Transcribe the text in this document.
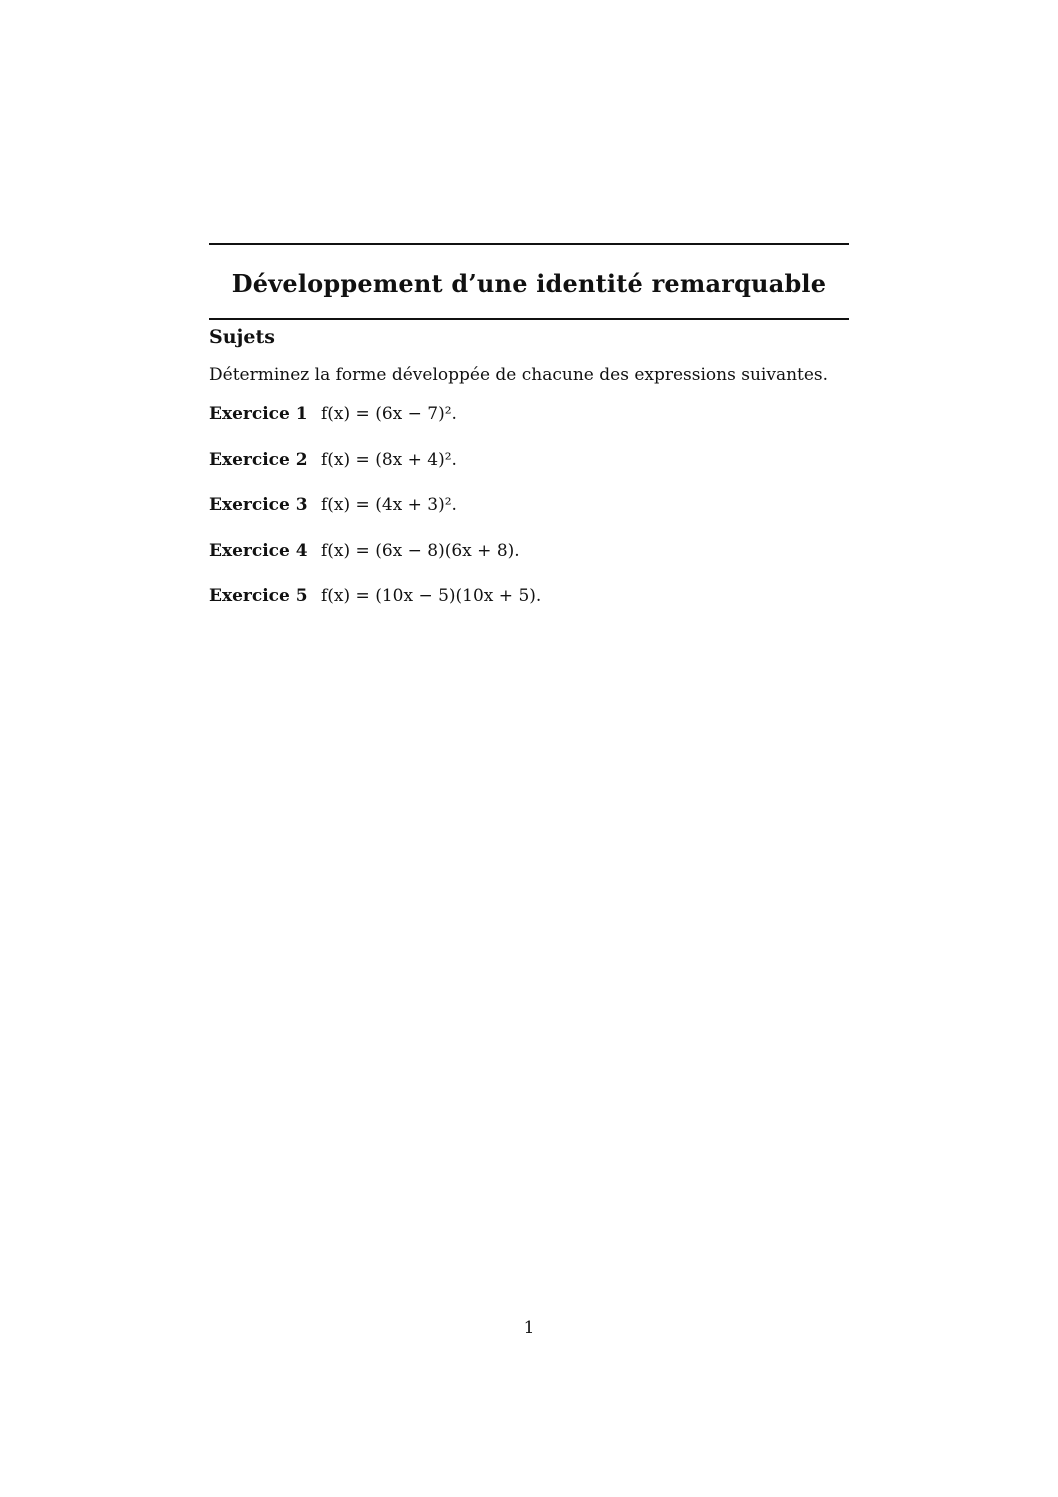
Développement d’une identité remarquable
Sujets
Déterminez la forme développée de chacune des expressions suivantes.
Exercice 1 f(x) = (6x − 7)².
Exercice 2 f(x) = (8x + 4)².
Exercice 3 f(x) = (4x + 3)².
Exercice 4 f(x) = (6x − 8)(6x + 8).
Exercice 5 f(x) = (10x − 5)(10x + 5).
1
